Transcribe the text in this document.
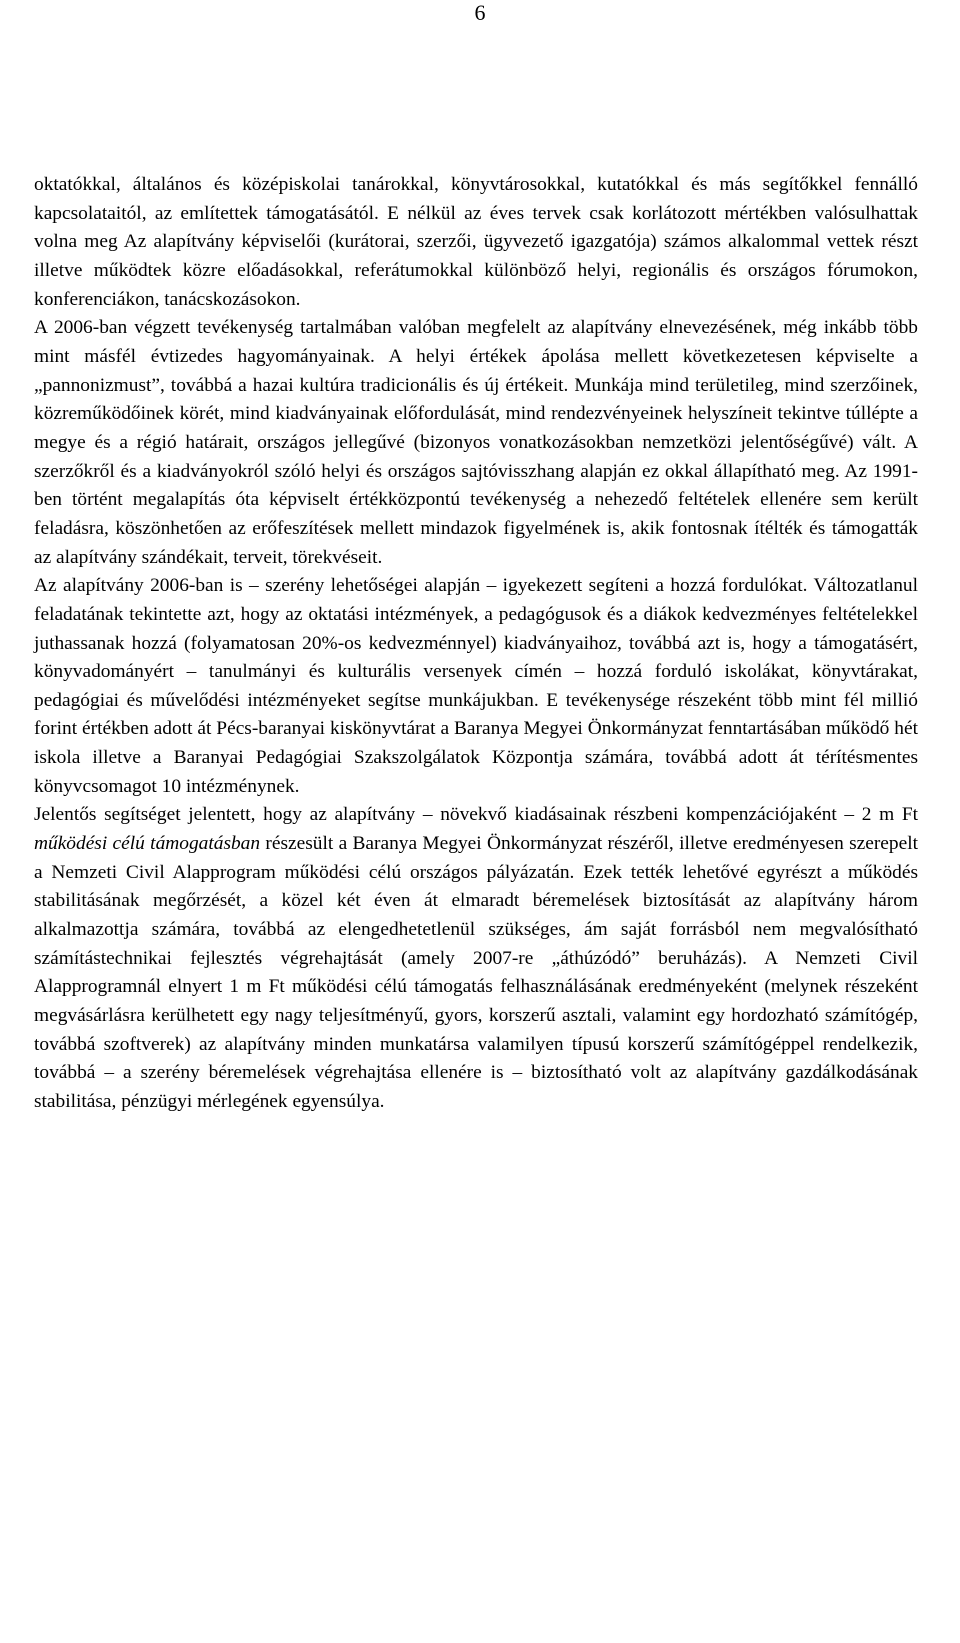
6

oktatókkal, általános és középiskolai tanárokkal, könyvtárosokkal, kutatókkal és más segítőkkel fennálló kapcsolataitól, az említettek támogatásától. E nélkül az éves tervek csak korlátozott mértékben valósulhattak volna meg Az alapítvány képviselői (kurátorai, szerzői, ügyvezető igazgatója) számos alkalommal vettek részt illetve működtek közre előadásokkal, referátumokkal különböző helyi, regionális és országos fórumokon, konferenciákon, tanácskozásokon.

A 2006-ban végzett tevékenység tartalmában valóban megfelelt az alapítvány elnevezésének, még inkább több mint másfél évtizedes hagyományainak. A helyi értékek ápolása mellett következetesen képviselte a „pannonizmust”, továbbá a hazai kultúra tradicionális és új értékeit. Munkája mind területileg, mind szerzőinek, közreműködőinek körét, mind kiadványainak előfordulását, mind rendezvényeinek helyszíneit tekintve túllépte a megye és a régió határait, országos jellegűvé (bizonyos vonatkozásokban nemzetközi jelentőségűvé) vált. A szerzőkről és a kiadványokról szóló helyi és országos sajtóvisszhang alapján ez okkal állapítható meg. Az 1991-ben történt megalapítás óta képviselt értékközpontú tevékenység a nehezedő feltételek ellenére sem került feladásra, köszönhetően az erőfeszítések mellett mindazok figyelmének is, akik fontosnak ítélték és támogatták az alapítvány szándékait, terveit, törekvéseit.

Az alapítvány 2006-ban is – szerény lehetőségei alapján – igyekezett segíteni a hozzá fordulókat. Változatlanul feladatának tekintette azt, hogy az oktatási intézmények, a pedagógusok és a diákok kedvezményes feltételekkel juthassanak hozzá (folyamatosan 20%-os kedvezménnyel) kiadványaihoz, továbbá azt is, hogy a támogatásért, könyvadományért – tanulmányi és kulturális versenyek címén – hozzá forduló iskolákat, könyvtárakat, pedagógiai és művelődési intézményeket segítse munkájukban. E tevékenysége részeként több mint fél millió forint értékben adott át Pécs-baranyai kiskönyvtárat a Baranya Megyei Önkormányzat fenntartásában működő hét iskola illetve a Baranyai Pedagógiai Szakszolgálatok Központja számára, továbbá adott át térítésmentes könyvcsomagot 10 intézménynek.

Jelentős segítséget jelentett, hogy az alapítvány – növekvő kiadásainak részbeni kompenzációjaként – 2 m Ft működési célú támogatásban részesült a Baranya Megyei Önkormányzat részéről, illetve eredményesen szerepelt a Nemzeti Civil Alapprogram működési célú országos pályázatán. Ezek tették lehetővé egyrészt a működés stabilitásának megőrzését, a közel két éven át elmaradt béremelések biztosítását az alapítvány három alkalmazottja számára, továbbá az elengedhetetlenül szükséges, ám saját forrásból nem megvalósítható számítástechnikai fejlesztés végrehajtását (amely 2007-re „áthúzódó” beruházás). A Nemzeti Civil Alapprogramnál elnyert 1 m Ft működési célú támogatás felhasználásának eredményeként (melynek részeként megvásárlásra kerülhetett egy nagy teljesítményű, gyors, korszerű asztali, valamint egy hordozható számítógép, továbbá szoftverek) az alapítvány minden munkatársa valamilyen típusú korszerű számítógéppel rendelkezik, továbbá – a szerény béremelések végrehajtása ellenére is – biztosítható volt az alapítvány gazdálkodásának stabilitása, pénzügyi mérlegének egyensúlya.
